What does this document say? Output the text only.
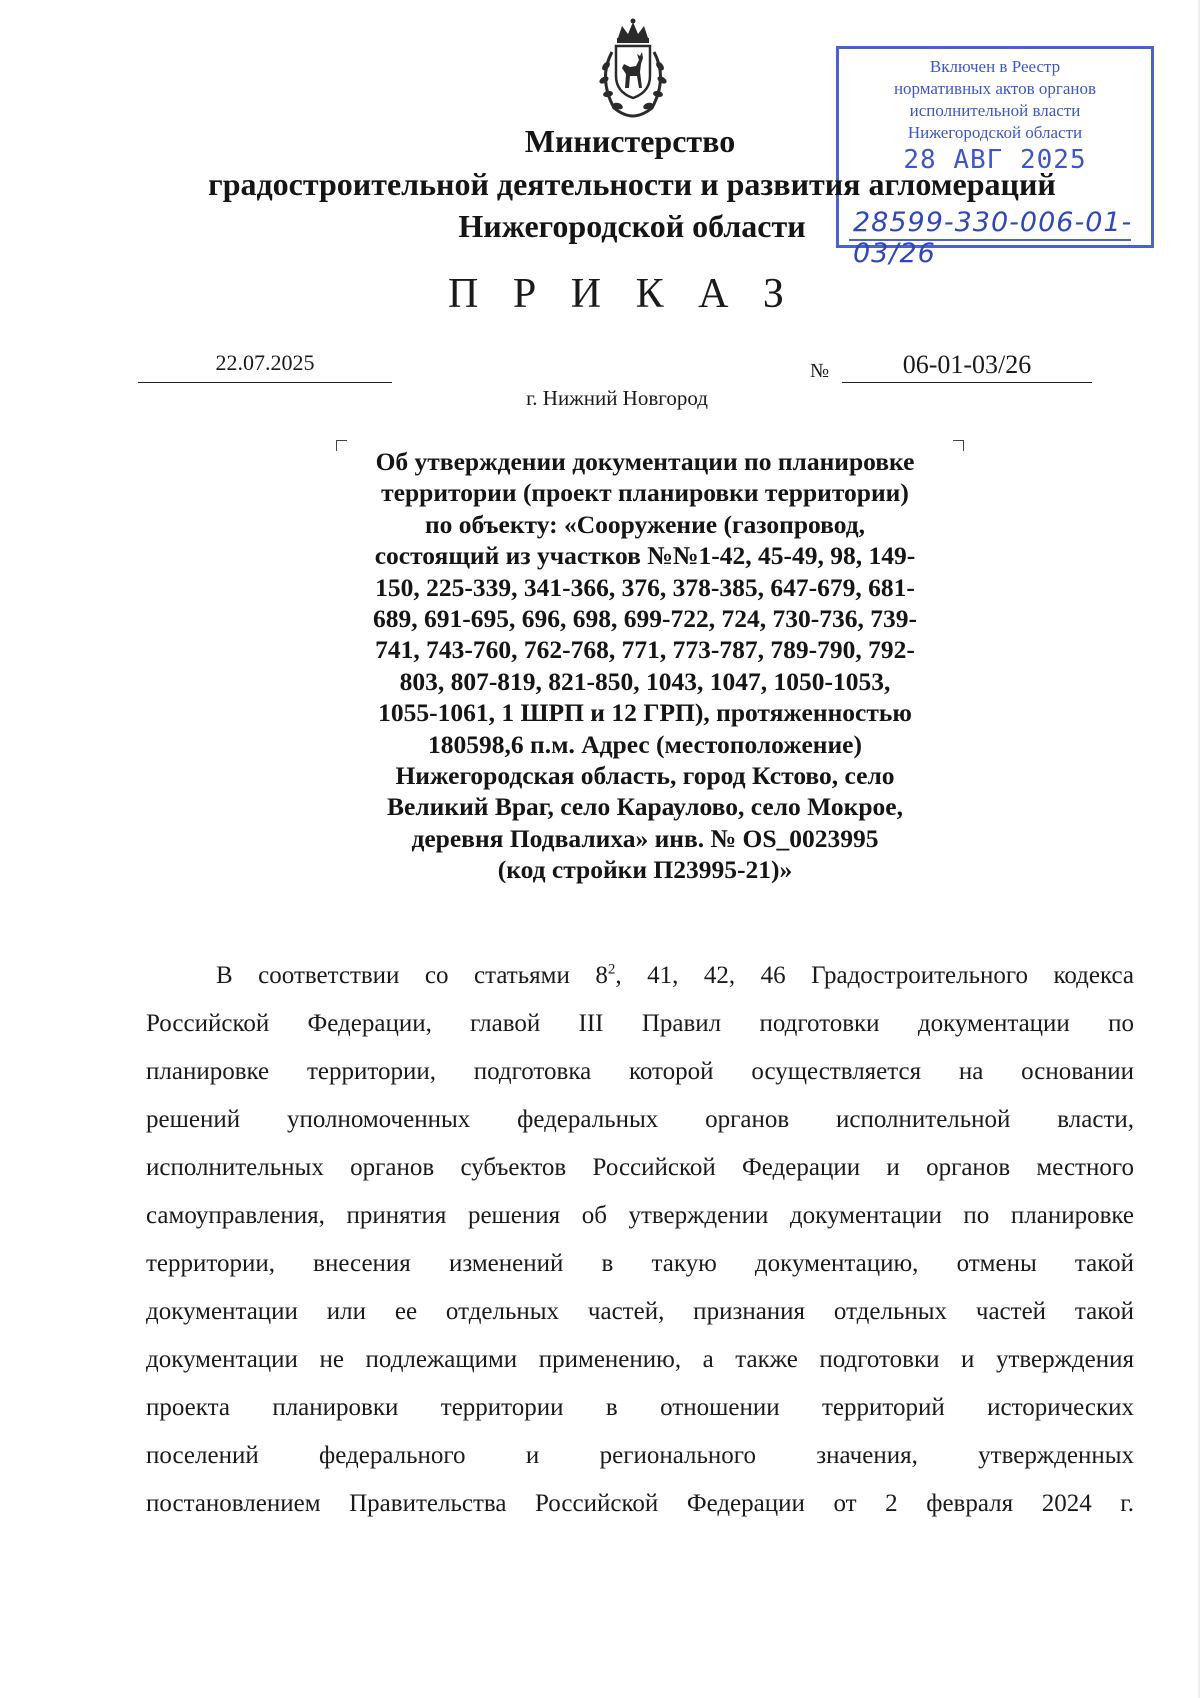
Включен в Реестр
нормативных актов органов
исполнительной власти
Нижегородской области
28 АВГ 2025
28599-330-006-01-03/26
Министерство
градостроительной деятельности и развития агломераций
Нижегородской области
П Р И К А З
22.07.2025	№	06-01-03/26
г. Нижний Новгород
Об утверждении документации по планировке
территории (проект планировки территории)
по объекту: «Сооружение (газопровод,
состоящий из участков №№1-42, 45-49, 98, 149-
150, 225-339, 341-366, 376, 378-385, 647-679, 681-
689, 691-695, 696, 698, 699-722, 724, 730-736, 739-
741, 743-760, 762-768, 771, 773-787, 789-790, 792-
803, 807-819, 821-850, 1043, 1047, 1050-1053,
1055-1061, 1 ШРП и 12 ГРП), протяженностью
180598,6 п.м. Адрес (местоположение)
Нижегородская область, город Кстово, село
Великий Враг, село Караулово, село Мокрое,
деревня Подвалиха» инв. № OS_0023995
(код стройки П23995-21)»
В соответствии со статьями $8^2$, 41, 42, 46 Градостроительного кодекса
Российской Федерации, главой III Правил подготовки документации по
планировке территории, подготовка которой осуществляется на основании
решений уполномоченных федеральных органов исполнительной власти,
исполнительных органов субъектов Российской Федерации и органов местного
самоуправления, принятия решения об утверждении документации по планировке
территории, внесения изменений в такую документацию, отмены такой
документации или ее отдельных частей, признания отдельных частей такой
документации не подлежащими применению, а также подготовки и утверждения
проекта планировки территории в отношении территорий исторических
поселений федерального и регионального значения, утвержденных
постановлением Правительства Российской Федерации от 2 февраля 2024 г.
